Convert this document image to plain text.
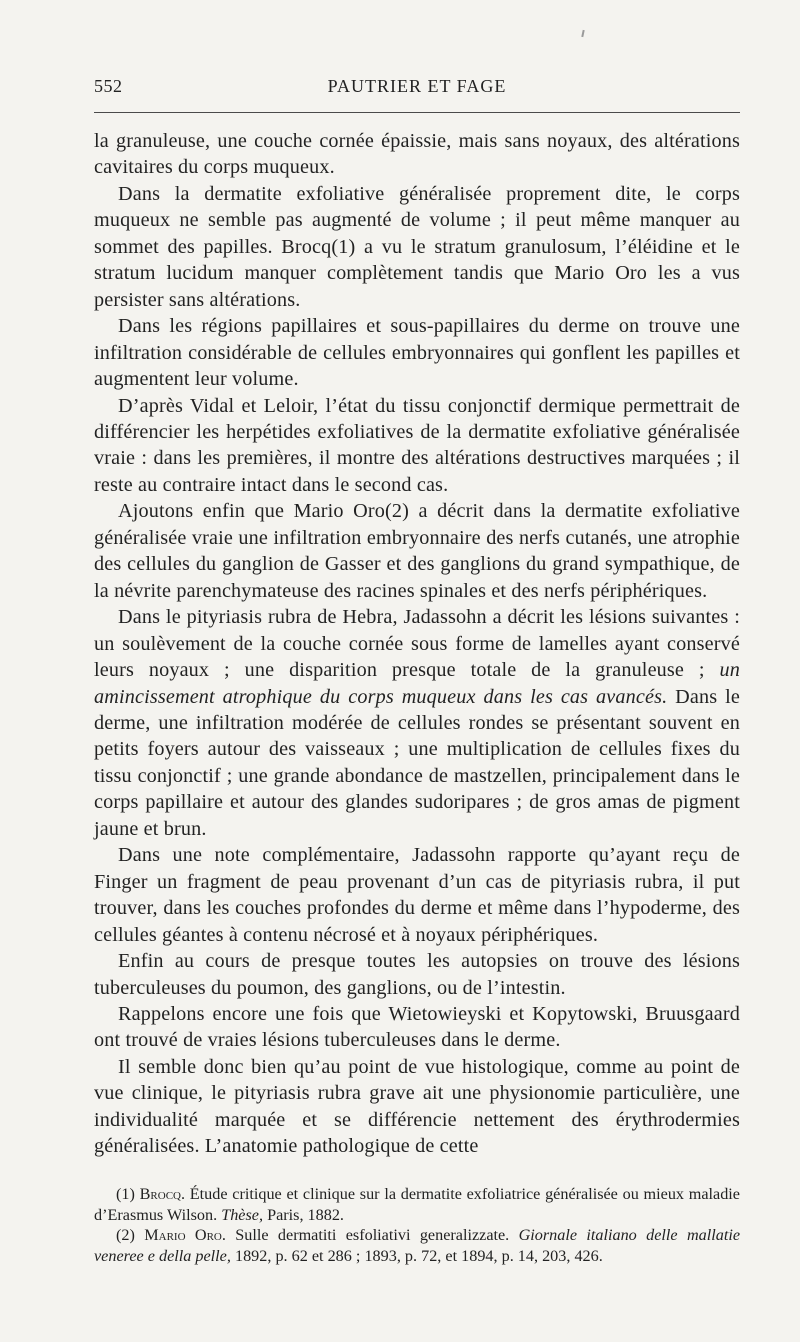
552	PAUTRIER ET FAGE

la granuleuse, une couche cornée épaissie, mais sans noyaux, des altérations cavitaires du corps muqueux.

Dans la dermatite exfoliative généralisée proprement dite, le corps muqueux ne semble pas augmenté de volume ; il peut même manquer au sommet des papilles. Brocq(1) a vu le stratum granulosum, l’éléidine et le stratum lucidum manquer complètement tandis que Mario Oro les a vus persister sans altérations.

Dans les régions papillaires et sous-papillaires du derme on trouve une infiltration considérable de cellules embryonnaires qui gonflent les papilles et augmentent leur volume.

D’après Vidal et Leloir, l’état du tissu conjonctif dermique permettrait de différencier les herpétides exfoliatives de la dermatite exfoliative généralisée vraie : dans les premières, il montre des altérations destructives marquées ; il reste au contraire intact dans le second cas.

Ajoutons enfin que Mario Oro(2) a décrit dans la dermatite exfoliative généralisée vraie une infiltration embryonnaire des nerfs cutanés, une atrophie des cellules du ganglion de Gasser et des ganglions du grand sympathique, de la névrite parenchymateuse des racines spinales et des nerfs périphériques.

Dans le pityriasis rubra de Hebra, Jadassohn a décrit les lésions suivantes : un soulèvement de la couche cornée sous forme de lamelles ayant conservé leurs noyaux ; une disparition presque totale de la granuleuse ; un amincissement atrophique du corps muqueux dans les cas avancés. Dans le derme, une infiltration modérée de cellules rondes se présentant souvent en petits foyers autour des vaisseaux ; une multiplication de cellules fixes du tissu conjonctif ; une grande abondance de mastzellen, principalement dans le corps papillaire et autour des glandes sudoripares ; de gros amas de pigment jaune et brun.

Dans une note complémentaire, Jadassohn rapporte qu’ayant reçu de Finger un fragment de peau provenant d’un cas de pityriasis rubra, il put trouver, dans les couches profondes du derme et même dans l’hypoderme, des cellules géantes à contenu nécrosé et à noyaux périphériques.

Enfin au cours de presque toutes les autopsies on trouve des lésions tuberculeuses du poumon, des ganglions, ou de l’intestin.

Rappelons encore une fois que Wietowieyski et Kopytowski, Bruusgaard ont trouvé de vraies lésions tuberculeuses dans le derme.

Il semble donc bien qu’au point de vue histologique, comme au point de vue clinique, le pityriasis rubra grave ait une physionomie particulière, une individualité marquée et se différencie nettement des érythrodermies généralisées. L’anatomie pathologique de cette

(1) Brocq. Étude critique et clinique sur la dermatite exfoliatrice généralisée ou mieux maladie d’Erasmus Wilson. Thèse, Paris, 1882.

(2) Mario Oro. Sulle dermatiti esfoliativi generalizzate. Giornale italiano delle mallatie veneree e della pelle, 1892, p. 62 et 286 ; 1893, p. 72, et 1894, p. 14, 203, 426.
